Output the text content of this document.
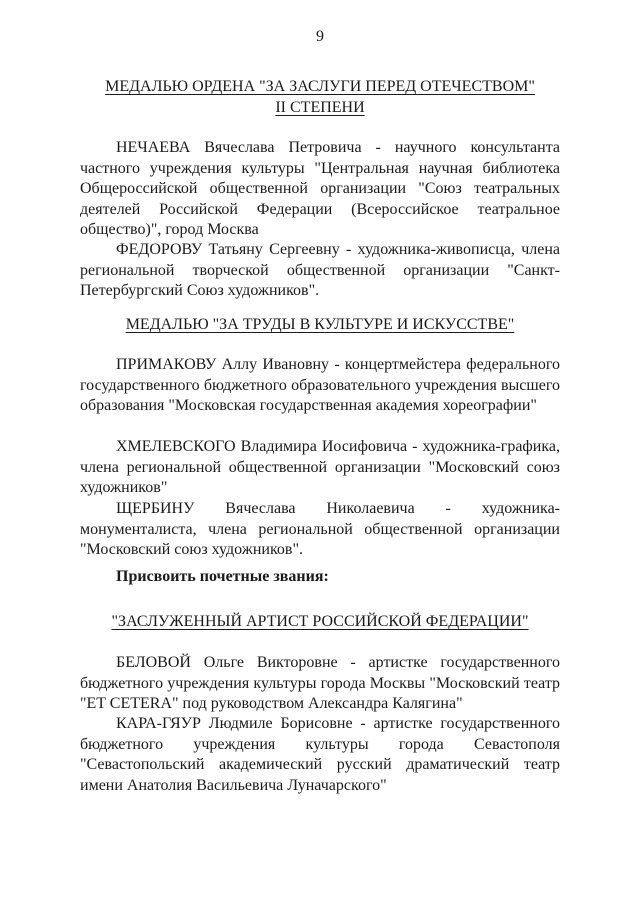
9
МЕДАЛЬЮ ОРДЕНА "ЗА ЗАСЛУГИ ПЕРЕД ОТЕЧЕСТВОМ"
II СТЕПЕНИ

НЕЧАЕВА Вячеслава Петровича - научного консультанта частного учреждения культуры "Центральная научная библиотека Общероссийской общественной организации "Союз театральных деятелей Российской Федерации (Всероссийское театральное общество)", город Москва

ФЕДОРОВУ Татьяну Сергеевну - художника-живописца, члена региональной творческой общественной организации "Санкт-Петербургский Союз художников".

МЕДАЛЬЮ "ЗА ТРУДЫ В КУЛЬТУРЕ И ИСКУССТВЕ"

ПРИМАКОВУ Аллу Ивановну - концертмейстера федерального государственного бюджетного образовательного учреждения высшего образования "Московская государственная академия хореографии"

ХМЕЛЕВСКОГО Владимира Иосифовича - художника-графика, члена региональной общественной организации "Московский союз художников"

ЩЕРБИНУ Вячеслава Николаевича - художника-монументалиста, члена региональной общественной организации "Московский союз художников".

Присвоить почетные звания:
"ЗАСЛУЖЕННЫЙ АРТИСТ РОССИЙСКОЙ ФЕДЕРАЦИИ"

БЕЛОВОЙ Ольге Викторовне - артистке государственного бюджетного учреждения культуры города Москвы "Московский театр "ET CETERA" под руководством Александра Калягина"

КАРА-ГЯУР Людмиле Борисовне - артистке государственного бюджетного учреждения культуры города Севастополя "Севастопольский академический русский драматический театр имени Анатолия Васильевича Луначарского"
